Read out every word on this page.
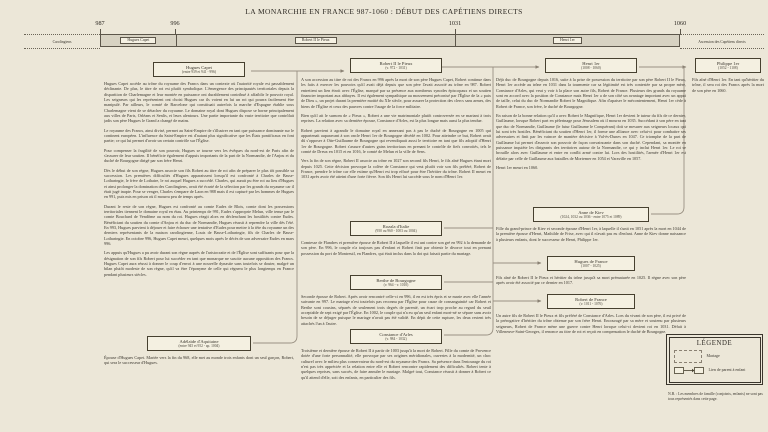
LA MONARCHIE EN FRANCE 987-1060 : DÉBUT DES CAPÉTIENS DIRECTS
987	996	1031	1060
Carolingiens	Hugues Capet	Robert II le Pieux	Henri 1er	Ascension des Capétiens directs
Hugues Capet
(entre 939 et 941 - 996)

Hugues Capet accède au trône du royaume des Francs dans un contexte où l'autorité royale est passablement déclinante. De plus, le titre de roi est plutôt symbolique. L'émergence des principautés territoriales depuis la disparition de Charlemagne et leur montée en puissance ont durablement contribué à affaiblir le pouvoir royal. Les seigneurs qui les représentent ont choisi Hugues car ils voient en lui un roi qui pourra facilement être manipulé. Par ailleurs, le comté de Barcelone qui constituait autrefois la marche d'Espagne établie sous Charlemagne vient de se détacher du royaume. Le domaine royal dont Hugues dispose se borne principalement aux villes de Paris, Orléans et Senlis, et leurs alentours. Une partie importante du vaste territoire que contrôlait jadis son père Hugues le Grand a changé de mains.

Le royaume des Francs, ainsi divisé, permet au Saint-Empire de s'illustrer en tant que puissance dominante sur le continent européen. L'influence du Saint-Empire est d'autant plus significative que les États pontificaux en font partie; ce qui lui permet d'avoir un certain contrôle sur l'Église.

Pour compenser la fragilité de son pouvoir, Hugues se tourne vers les évêques du nord-est de Paris afin de s'assurer de leur soutien. Il bénéficie également d'appuis importants de la part de la Normandie, de l'Anjou et du duché de Bourgogne dirigé par son frère Henri.

Dès le début de son règne, Hugues associe son fils Robert au titre de roi afin de préparer le plus tôt possible sa succession. Les premières difficultés d'Hugues apparaissent lorsqu'il est confronté à Charles de Basse-Lotharingie, le frère de Lothaire, le roi auquel Hugues a succédé. Charles, qui aurait pu être roi au lieu d'Hugues et ainsi prolonger la domination des Carolingiens, avait été écarté de la sélection par les grands du royaume car il était jugé inapte. Pour se venger, Charles s'empare de Laon en 988 mais il est capturé par les hommes de Hugues en 991, puis mis en prison où il mourra peu de temps après.

Durant le reste de son règne, Hugues est confronté au comte Eudes de Blois, comte dont les possessions territoriales tiennent le domaine royal en étau. Au printemps de 991, Eudes s'approprie Melun, ville tenue par le comte Bouchard de Vendôme au nom du roi. Hugues réagit alors en déclenchant les hostilités contre Eudes. Bénéficiant du soutien du comte d'Anjou et du duc de Normandie, Hugues réussit à reprendre la ville dès l'été. En 993, Hugues parvient à déjouer et faire échouer une tentative d'Eudes pour mettre à la tête du royaume un des derniers représentants de la maison carolingienne, Louis de Basse-Lotharingie, fils de Charles de Basse-Lotharingie. En octobre 996, Hugues Capet meurt, quelques mois après le décès de son adversaire Eudes en mars 996.

Les appuis qu'Hugues a pu avoir durant son règne auprès de l'aristocratie et de l'Église sont suffisants pour que la désignation de son fils Robert pour lui succéder en tant que monarque ne suscite aucune opposition des Francs. Hugues Capet aura réussi à donner le coup d'envoi à une nouvelle dynastie sans toutefois se douter, malgré un bilan plutôt modeste de son règne, qu'il va être l'éponyme de celle qui régnera le plus longtemps en France pendant plusieurs siècles.

Adélaïde d'Aquitaine
(entre 945 et 952 - ap. 1004)

Épouse d'Hugues Capet. Mariée vers la fin du 968, elle met au monde trois enfants dont un seul garçon, Robert, qui sera le successeur d'Hugues.

Robert II le Pieux
(v. 972 - 1031)

A son accession au titre de roi des Francs en 996 après la mort de son père Hugues Capet, Robert continue dans les faits à exercer les pouvoirs qu'il avait déjà depuis que son père l'avait associé au trône en 987. Robert entretient un lien étroit avec l'Église, marqué par sa présence aux nombreux synodes épiscopaux et un soutien financier important aux abbayes. Il est également sympathique au mouvement préconisé par l'Église de la « paix de Dieu », un projet durant la première moitié du XIe siècle, pour assurer la protection des clercs sans armes, des biens de l'Église et ceux des pauvres contre l'usage de la force militaire.

Bien qu'il ait le surnom de « Pieux », Robert a une vie matrimoniale plutôt controversée en se mariant à trois reprises. La relation avec sa dernière épouse, Constance d'Arles, est la plus longue mais aussi la plus tendue.

Robert parvient à agrandir le domaine royal en annexant pas à pas le duché de Bourgogne en 1005 qui appartenait auparavant à son oncle Henri 1er de Bourgogne décédé en 1002. Pour atteindre ce but, Robert avait dû s'opposer à Otte-Guillaume de Bourgogne qui revendiquait aussi le territoire en tant que fils adoptif d'Henri 1er de Bourgogne. Robert s'assure d'autres gains territoriaux en prenant le contrôle de fiefs convoités, tels le comté de Dreux en 1015 et en 1016, le comté de Melun et la ville de Sens.

Vers la fin de son règne, Robert II associe au trône en 1027 son second fils Henri, le fils aîné Hugues étant mort depuis 1025. Cette décision provoque la colère de Constance qui veut plutôt voir son fils préféré, Robert de France, prendre le trône car elle estime qu'Henri est trop effacé pour être l'héritier du trône. Robert II meurt en 1031 après avoir été atteint d'une forte fièvre. Son fils Henri lui succède sous le nom d'Henri 1er.

Rozala d'Italie
(950 ou 960 - 1003 ou 1004)

Comtesse de Flandres et première épouse de Robert II à laquelle il est uni contre son gré en 992 à la demande de son père. En 996, le couple n'a toujours pas d'enfant et Robert finit par obtenir le divorce tout en prenant possession du port de Montreuil, en Flandres, qui était inclus dans la dot qui faisait partie du mariage.

Berthe de Bourgogne
(v. 964 - v. 1010)

Seconde épouse de Robert. Après avoir rencontré celle-ci en 996, il en est très épris et se marie avec elle l'année suivante en 997. Le mariage n'est toutefois pas reconnu par l'Église pour cause de consanguinité car Robert et Berthe sont cousins, séparés de seulement trois degrés de parenté, un écart trop proche au regard du seuil acceptable de sept exigé par l'Église. En 1002, le couple qui n'a eu qu'un seul enfant mort-né se sépare sans avoir besoin de se déjuger puisque le mariage n'avait pas été validé. En dépit de cette rupture, les deux restent très attachés l'un à l'autre.

Constance d'Arles
(v. 984 - 1032)

Troisième et dernière épouse de Robert II à partir de 1003 jusqu'à la mort de Robert. Fille du comte de Provence dotée d'une forte personnalité, elle provoque par ses origines méridionales, ouvertes à la modernité, un choc culturel avec le milieu plus conservateur du nord-est du royaume des Francs. Sa présence dans l'entourage du roi n'est pas très appréciée et la relation entre elle et Robert rencontre rapidement des difficultés. Robert tente à quelques reprises, sans succès, de faire annuler le mariage. Malgré tout, Constance réussit à donner à Robert ce qu'il attend d'elle, soit des enfants, en particulier des fils.

Henri 1er
(1008 - 1060)

Déjà duc de Bourgogne depuis 1016, suite à la prise de possession du territoire par son père Robert II le Pieux, Henri 1er accède au trône en 1031 dans la tourmente car sa légitimité est très contestée par sa propre mère, Constance d'Arles, qui veut y voir à la place son autre fils, Robert de France. Plusieurs des grands du royaume sont en accord avec la position de Constance mais Henri 1er a de son côté un avantage important avec un appui de taille, celui du duc de Normandie Robert le Magnifique. Afin d'apaiser le mécontentement, Henri 1er cède à Robert de France, son frère, le duché de Bourgogne.

En raison de la bonne relation qu'il a avec Robert le Magnifique, Henri 1er devient le tuteur du fils de ce dernier, Guillaume, lorsque Robert part en pèlerinage pour Jérusalem où il mourra en 1035. Succédant à son père en tant que duc de Normandie, Guillaume (le futur Guillaume le Conquérant) doit se mesurer aux seigneurs locaux qui lui sont très hostiles. Bénéficiant du soutien d'Henri 1er, il forme une alliance avec celui-ci pour combattre ses adversaires et finit par les vaincre de manière décisive à Val-ès-Dunes en 1047. Ce triomphe de la part de Guillaume lui permet d'asseoir son pouvoir de façon convaincante dans son duché. Cependant, sa montée en puissance inquiète les dirigeants des territoires autour de la Normandie, ce qui y inclut Henri 1er. Le roi se brouille alors avec Guillaume et entre en conflit armé contre lui. Lors des hostilités, l'armée d'Henri 1er est défaite par celle de Guillaume aux batailles de Mortemer en 1054 et Varaville en 1057.

Henri 1er meurt en 1060.

Anne de Kiev
(1024, 1032 ou 1036 - entre 1075 et 1089)

Fille du grand-prince de Kiev et seconde épouse d'Henri 1er, à laquelle il s'unit en 1051 après la mort en 1044 de la première épouse d'Henri, Mathilde de Frise, avec qui il n'avait pas eu d'enfant. Anne de Kiev donne naissance à plusieurs enfants, dont le successeur de Henri, Philippe 1er.

Hugues de France
(1007 - 1025)

Fils aîné de Robert II le Pieux et héritier du trône jusqu'à sa mort prématurée en 1025. Il règne avec son père après avoir été associé par ce dernier en 1017.

Robert de France
(v. 1011 - 1076)

Un autre fils de Robert II le Pieux et fils préféré de Constance d'Arles. Lors du vivant de son père, il est privé de la prérogative d'héritier du trône obtenue par son frère Henri. Encouragé par sa mère et soutenu par plusieurs seigneurs, Robert de France mène une guerre contre Henri lorsque celui-ci devient roi en 1031. Défait à Villeneuve-Saint-Georges, il renonce au titre de roi et reçoit en compensation le duché de Bourgogne.

Philippe 1er
(1052 - 1108)

Fils aîné d'Henri 1er. En tant qu'héritier du trône, il sera roi des Francs après la mort de son père en 1060.

LÉGENDE
Mariage
Lien de parent à enfant
N.B. : Les membres de famille (conjoints, enfants) ne sont pas tous représentés dans cette page.
